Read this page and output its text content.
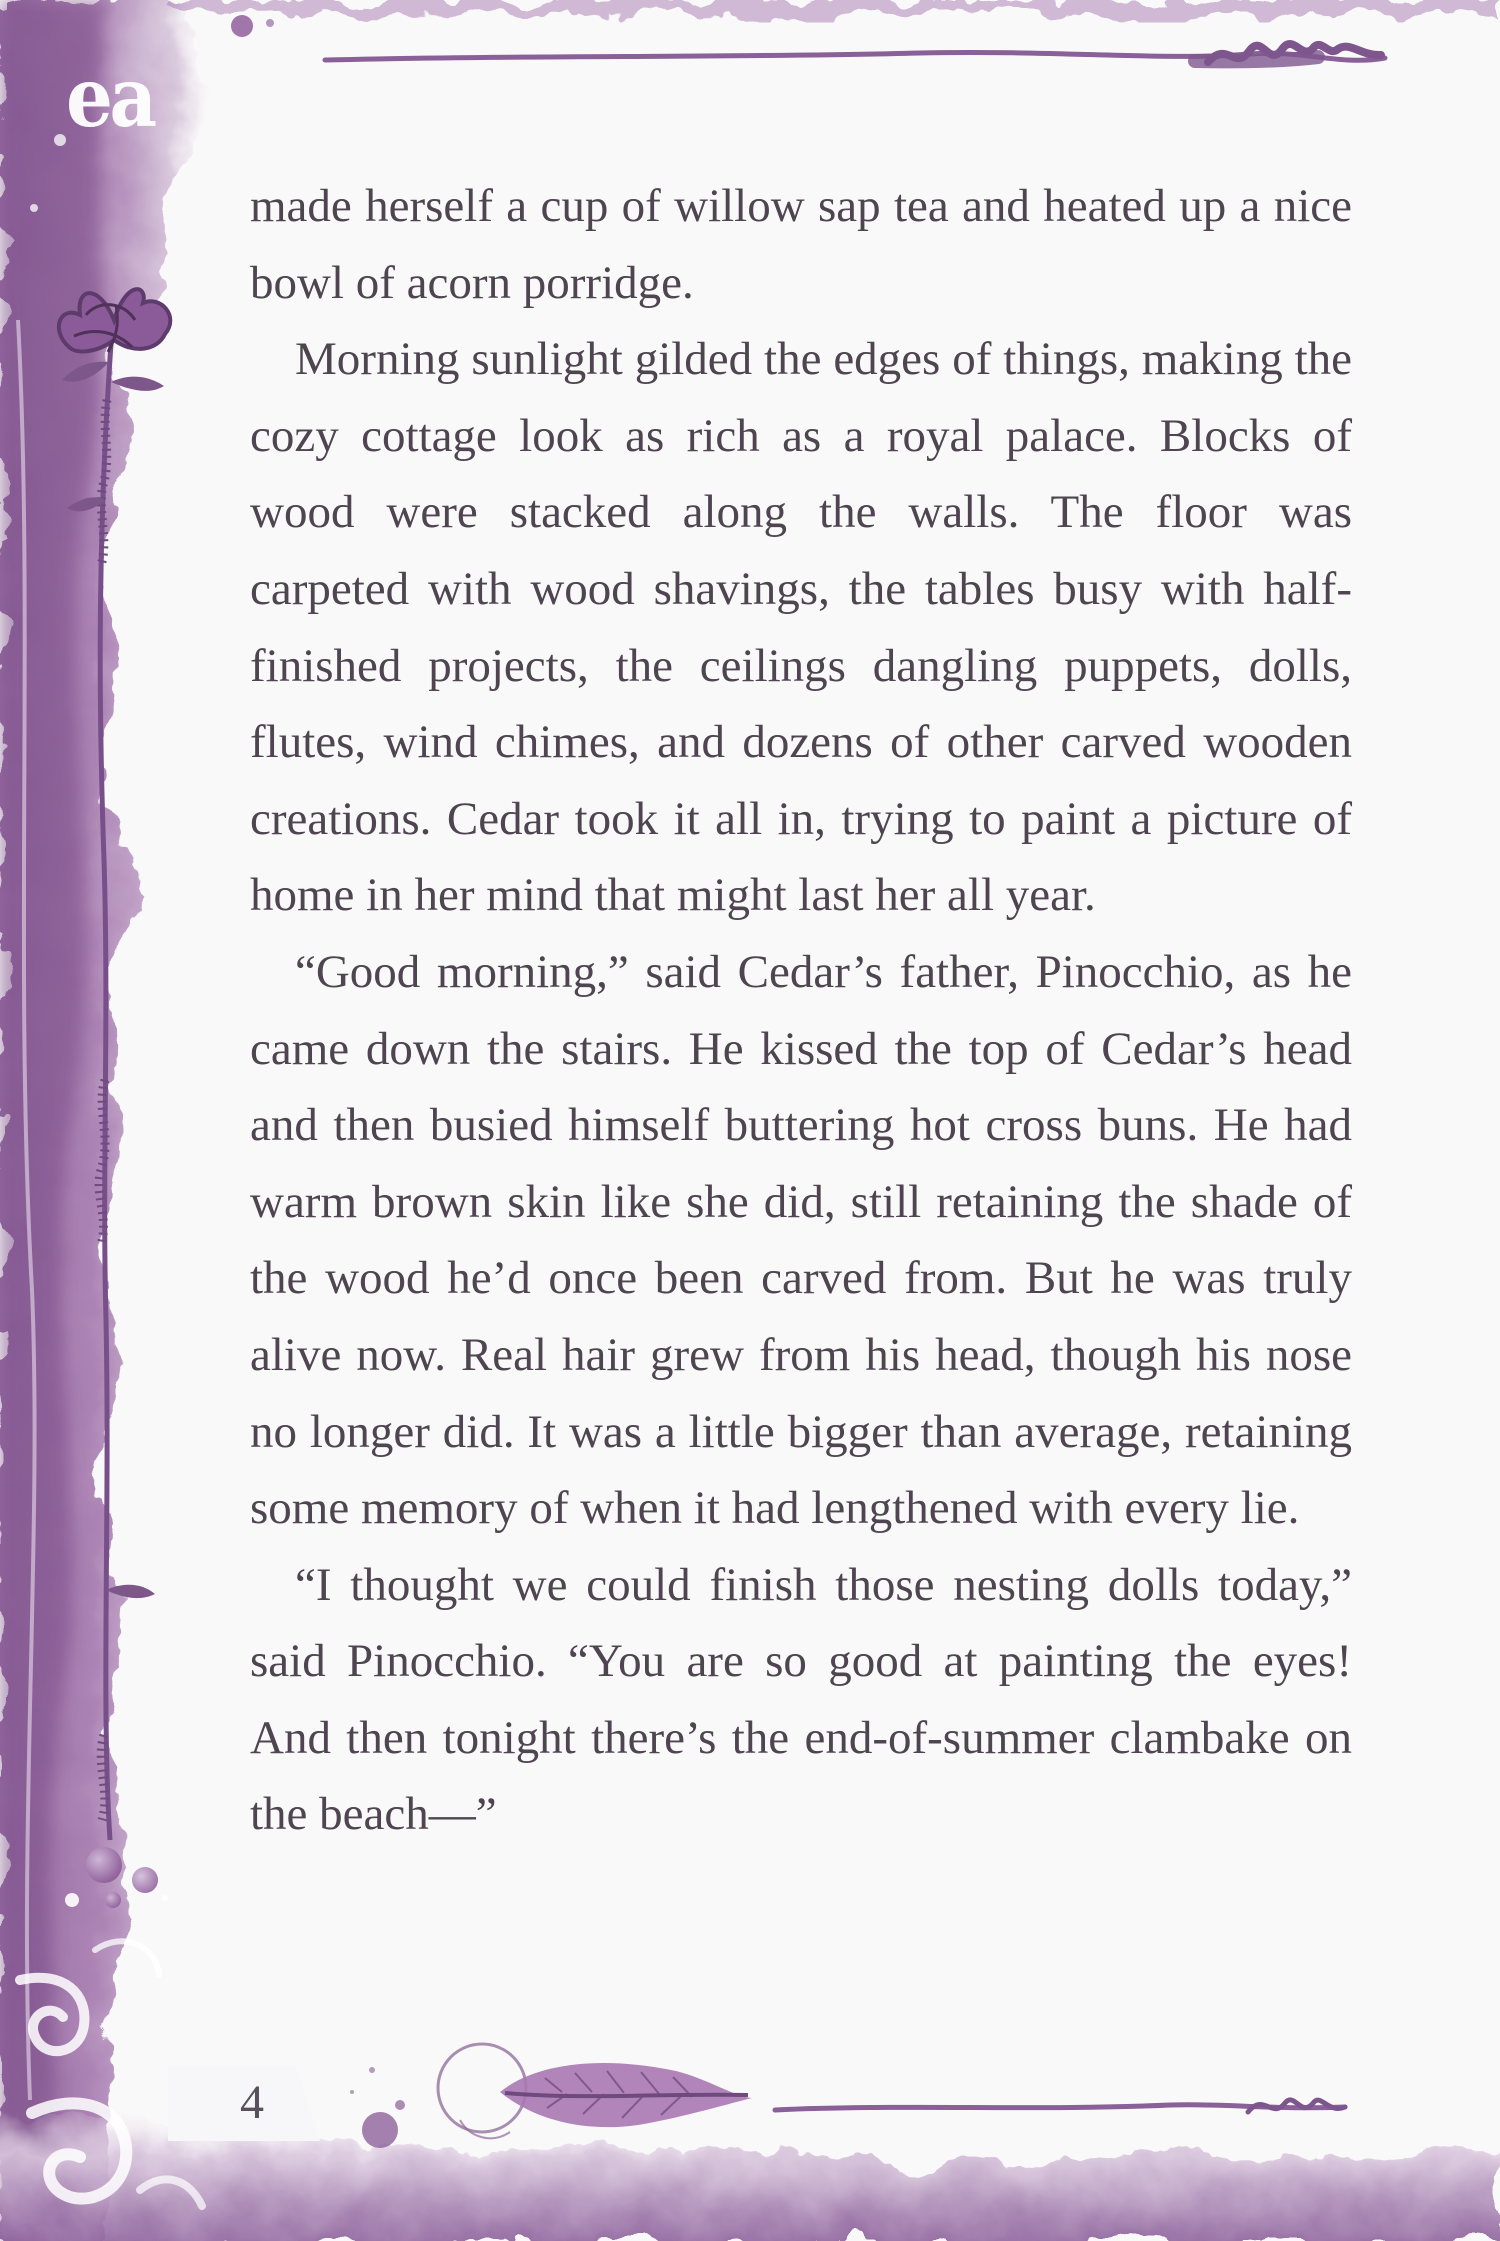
ea

made herself a cup of willow sap tea and heated up a nice bowl of acorn porridge.

Morning sunlight gilded the edges of things, making the cozy cottage look as rich as a royal palace. Blocks of wood were stacked along the walls. The floor was carpeted with wood shavings, the tables busy with half-finished projects, the ceilings dangling puppets, dolls, flutes, wind chimes, and dozens of other carved wooden creations. Cedar took it all in, trying to paint a picture of home in her mind that might last her all year.

“Good morning,” said Cedar’s father, Pinocchio, as he came down the stairs. He kissed the top of Cedar’s head and then busied himself buttering hot cross buns. He had warm brown skin like she did, still retaining the shade of the wood he’d once been carved from. But he was truly alive now. Real hair grew from his head, though his nose no longer did. It was a little bigger than average, retaining some memory of when it had lengthened with every lie.

“I thought we could finish those nesting dolls today,” said Pinocchio. “You are so good at painting the eyes! And then tonight there’s the end-of-summer clambake on the beach—”

4
